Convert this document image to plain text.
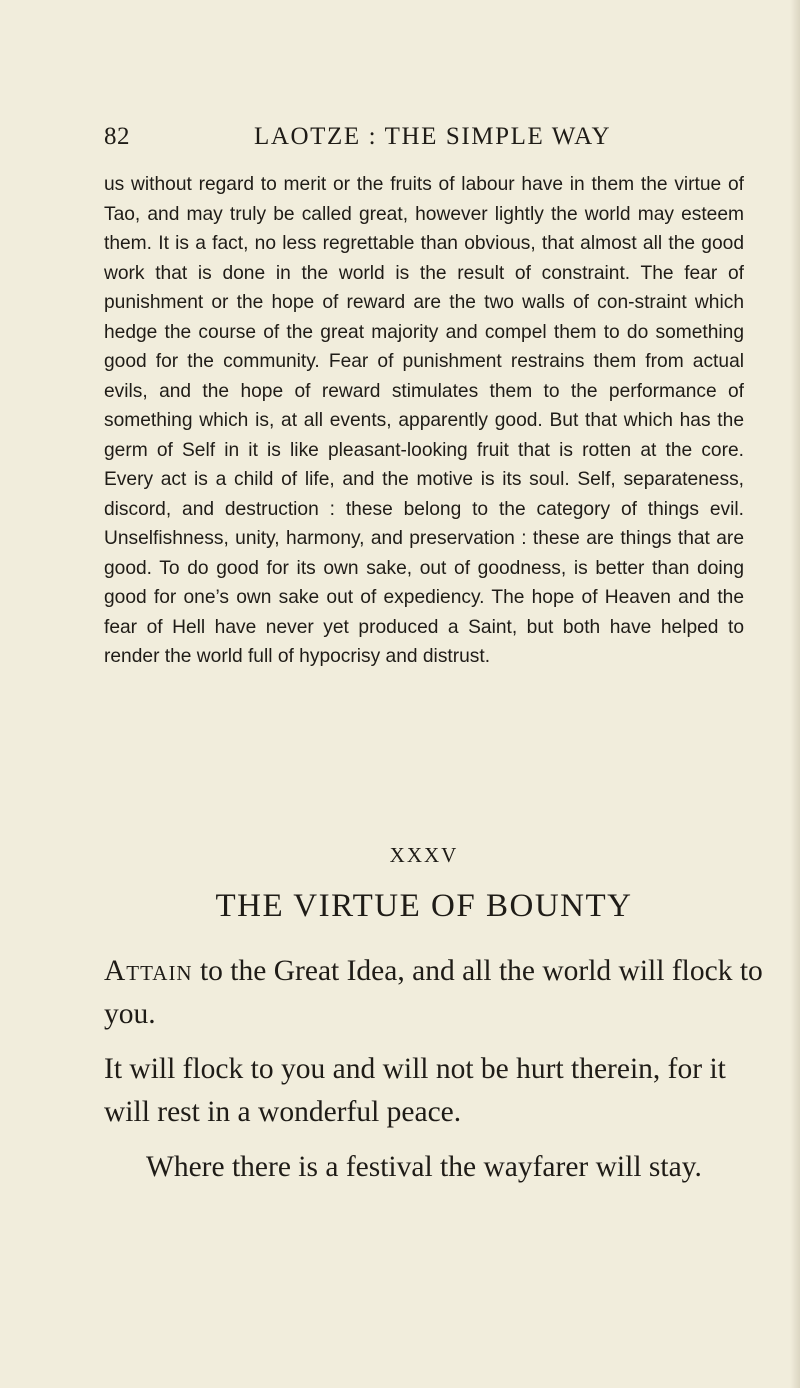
82	LAOTZE : THE SIMPLE WAY

us without regard to merit or the fruits of labour have in them the virtue of Tao, and may truly be called great, however lightly the world may esteem them. It is a fact, no less regrettable than obvious, that almost all the good work that is done in the world is the result of constraint. The fear of punishment or the hope of reward are the two walls of con-straint which hedge the course of the great majority and compel them to do something good for the community. Fear of punishment restrains them from actual evils, and the hope of reward stimulates them to the performance of something which is, at all events, apparently good. But that which has the germ of Self in it is like pleasant-looking fruit that is rotten at the core. Every act is a child of life, and the motive is its soul. Self, separateness, discord, and destruction : these belong to the category of things evil. Unselfishness, unity, harmony, and preservation : these are things that are good. To do good for its own sake, out of goodness, is better than doing good for one’s own sake out of expediency. The hope of Heaven and the fear of Hell have never yet produced a Saint, but both have helped to render the world full of hypocrisy and distrust.

XXXV
THE VIRTUE OF BOUNTY

Attain to the Great Idea, and all the world will flock to you.

It will flock to you and will not be hurt therein, for it will rest in a wonderful peace.

Where there is a festival the wayfarer will stay.
